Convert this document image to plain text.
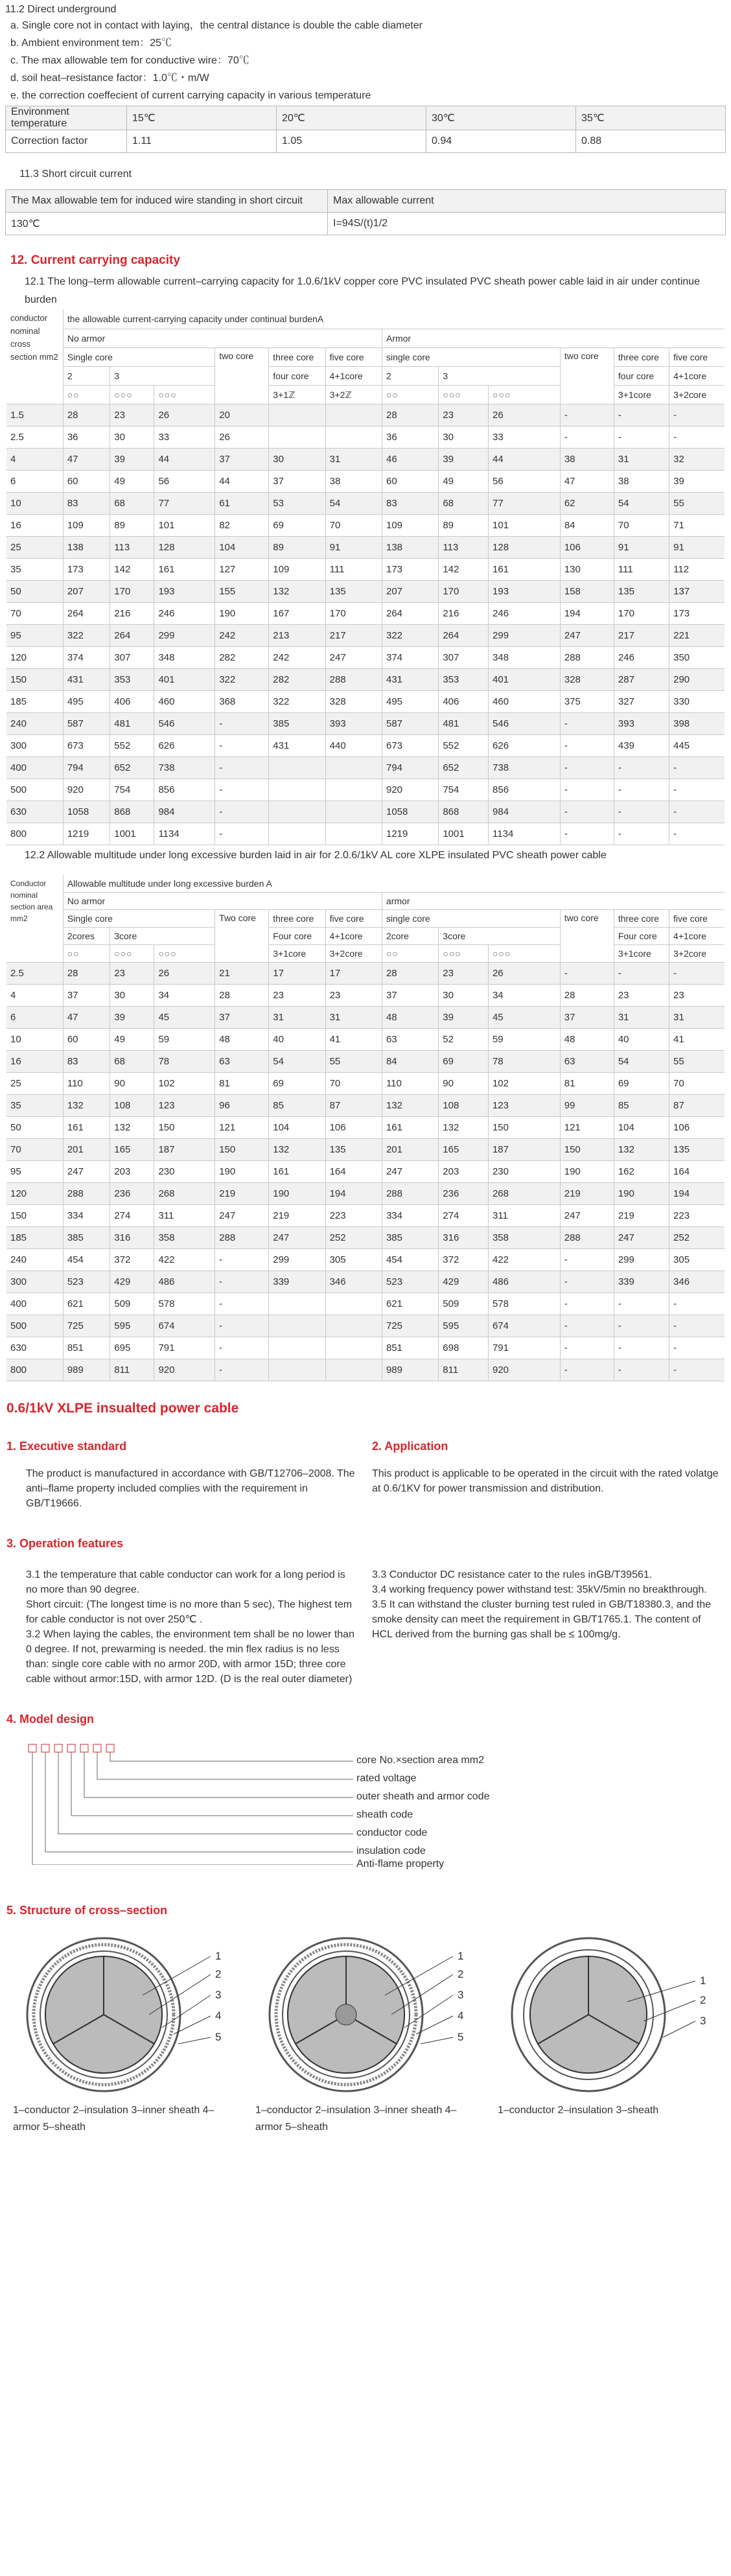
11.2 Direct underground

a. Single core not in contact with laying，the central distance is double the cable diameter
b. Ambient environment tem：25℃
c. The max allowable tem for conductive wire：70℃
d. soil heat–resistance factor：1.0℃・m/W
e. the correction coeffecient of current carrying capacity in various temperature
Environment temperature	15℃	20℃	30℃	35℃
Correction factor	1.11	1.05	0.94	0.88

11.3 Short circuit current

The Max allowable tem for induced wire standing in short circuit	Max allowable current
130℃	I=94S/(t)1/2
12. Current carrying capacity
12.1 The long–term allowable current–carrying capacity for 1.0.6/1kV copper core PVC insulated PVC sheath power cable laid in air under continue burden
conductor nominal cross section mm2	the allowable current-carrying capacity under continual burdenA											
	No armor						Armor					
	Single core			two core	three core	five core	single core			two core	three core	five core
	2	3			four core	4+1core	2	3			four core	4+1core
	○○	○○○	○○○		3+1ℤ	3+2ℤ	○○	○○○	○○○		3+1core	3+2core
1.5	28	23	26	20			28	23	26	-	-	-
2.5	36	30	33	26			36	30	33	-	-	-
4	47	39	44	37	30	31	46	39	44	38	31	32
6	60	49	56	44	37	38	60	49	56	47	38	39
10	83	68	77	61	53	54	83	68	77	62	54	55
16	109	89	101	82	69	70	109	89	101	84	70	71
25	138	113	128	104	89	91	138	113	128	106	91	91
35	173	142	161	127	109	111	173	142	161	130	111	112
50	207	170	193	155	132	135	207	170	193	158	135	137
70	264	216	246	190	167	170	264	216	246	194	170	173
95	322	264	299	242	213	217	322	264	299	247	217	221
120	374	307	348	282	242	247	374	307	348	288	246	350
150	431	353	401	322	282	288	431	353	401	328	287	290
185	495	406	460	368	322	328	495	406	460	375	327	330
240	587	481	546	-	385	393	587	481	546	-	393	398
300	673	552	626	-	431	440	673	552	626	-	439	445
400	794	652	738	-			794	652	738	-	-	-
500	920	754	856	-			920	754	856	-	-	-
630	1058	868	984	-			1058	868	984	-	-	-
800	1219	1001	1134	-			1219	1001	1134	-	-	-
12.2 Allowable multitude under long excessive burden laid in air for 2.0.6/1kV AL core XLPE insulated PVC sheath power cable
Conductor nominal section area mm2	Allowable multitude under long excessive burden A											
	No armor						armor					
	Single core			Two core	three core	five core	single core			two core	three core	five core
	2cores	3core			Four core	4+1core	2core	3core			Four core	4+1core
	○○	○○○	○○○		3+1core	3+2core	○○	○○○	○○○		3+1core	3+2core
2.5	28	23	26	21	17	17	28	23	26	-	-	-
4	37	30	34	28	23	23	37	30	34	28	23	23
6	47	39	45	37	31	31	48	39	45	37	31	31
10	60	49	59	48	40	41	63	52	59	48	40	41
16	83	68	78	63	54	55	84	69	78	63	54	55
25	110	90	102	81	69	70	110	90	102	81	69	70
35	132	108	123	96	85	87	132	108	123	99	85	87
50	161	132	150	121	104	106	161	132	150	121	104	106
70	201	165	187	150	132	135	201	165	187	150	132	135
95	247	203	230	190	161	164	247	203	230	190	162	164
120	288	236	268	219	190	194	288	236	268	219	190	194
150	334	274	311	247	219	223	334	274	311	247	219	223
185	385	316	358	288	247	252	385	316	358	288	247	252
240	454	372	422	-	299	305	454	372	422	-	299	305
300	523	429	486	-	339	346	523	429	486	-	339	346
400	621	509	578	-			621	509	578	-	-	-
500	725	595	674	-			725	595	674	-	-	-
630	851	695	791	-			851	698	791	-	-	-
800	989	811	920	-			989	811	920	-	-	-
0.6/1kV XLPE insualted power cable
1. Executive standard
The product is manufactured in accordance with GB/T12706–2008. The anti–flame property included complies with the requirement in GB/T19666.
2. Application
This product is applicable to be operated in the circuit with the rated volatge at 0.6/1KV for power transmission and distribution.
3. Operation features
3.1 the temperature that cable conductor can work for a long period is no more than 90 degree.
Short circuit: (The longest time is no more than 5 sec), The highest tem for cable conductor is not over 250℃ .
3.2 When laying the cables, the environment tem shall be no lower than 0 degree. If not, prewarming is needed. the min flex radius is no less than: single core cable with no armor 20D, with armor 15D; three core cable without armor:15D, with armor 12D. (D is the real outer diameter)
3.3 Conductor DC resistance cater to the rules inGB/T39561.
3.4 working frequency power withstand test: 35kV/5min no breakthrough.
3.5 It can withstand the cluster burning test ruled in GB/T18380.3, and the smoke density can meet the requirement in GB/T1765.1. The content of HCL derived from the burning gas shall be ≤ 100mg/g.
4. Model design
core No.×section area mm2
rated voltage
outer sheath and armor code
sheath code
conductor code
insulation code
Anti-flame property
5. Structure of cross–section
1
2
3
4
5
1–conductor 2–insulation 3–inner sheath 4–armor 5–sheath
1
2
3
4
5
1–conductor 2–insulation 3–inner sheath 4–armor 5–sheath
1
2
3
1–conductor 2–insulation 3–sheath
